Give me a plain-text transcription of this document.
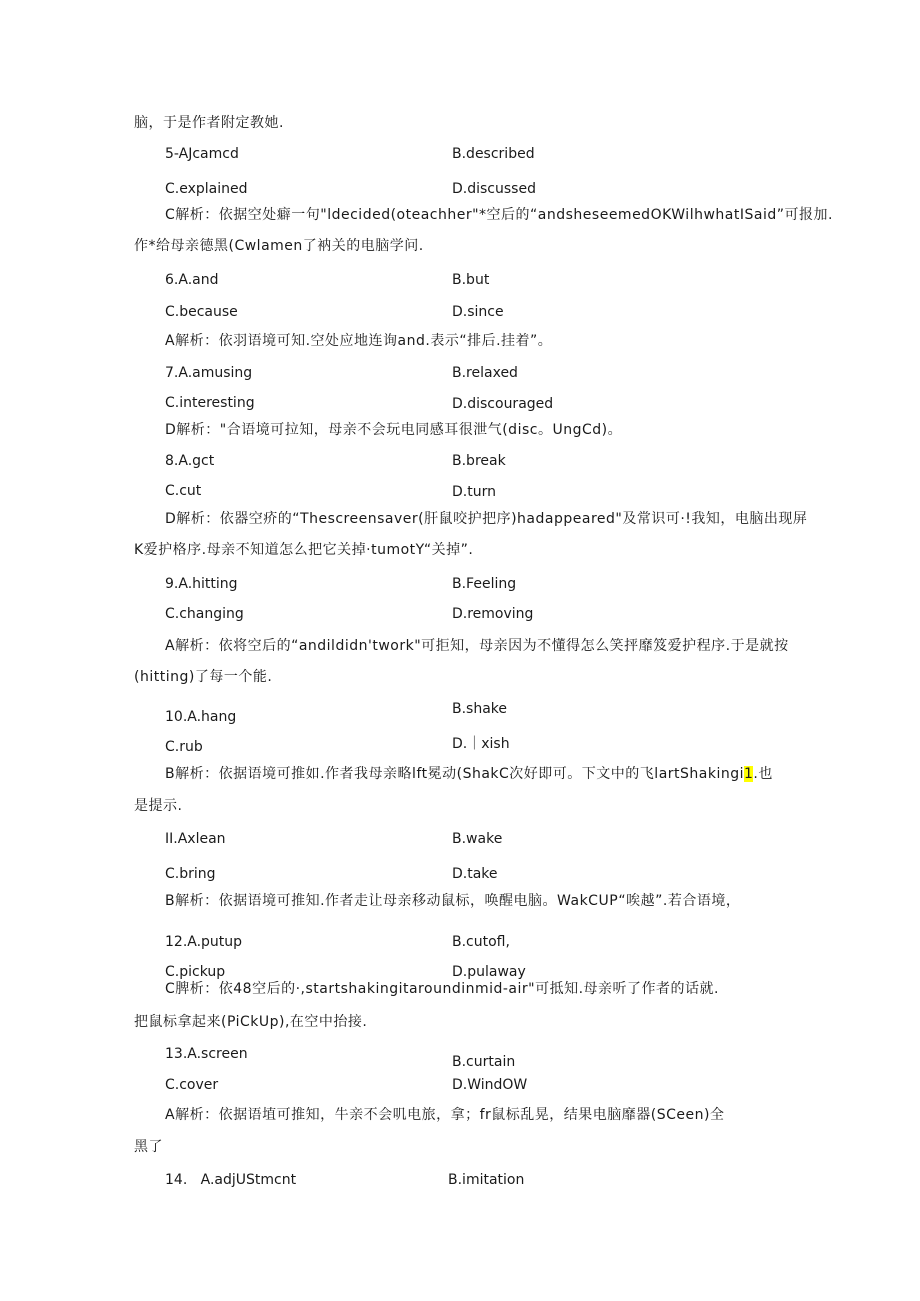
脑，于是作者附定教她.
5-AJcamcd	B.described
C.explained	D.discussed
C解析：依据空处癖一句"ldecided(oteachher"*空后的“andsheseemedOKWilhwhatISaid”可报加.
作*给母亲德黑(Cwlamen了衲关的电脑学问.
6.A.and	B.but
C.because	D.since
A解析：依羽语境可知.空处应地连询and.表示“排后.挂着”。
7.A.amusing	B.relaxed
C.interesting	D.discouraged
D解析："合语境可拉知，母亲不会玩电同感耳很泄气(disc。UngCd)。
8.A.gct	B.break
C.cut	D.turn
D解析：依器空疥的“Thescreensaver(肝鼠咬护把序)hadappeared"及常识可·!我知，电脑出现屏
K爱护格序.母亲不知道怎么把它关掉·tumotY“关掉”.
9.A.hitting	B.Feeling
C.changing	D.removing
A解析：依将空后的“andildidn'twork"可拒知，母亲因为不懂得怎么笑抨靡笈爱护程序.于是就按
(hitting)了每一个能.
10.A.hang	B.shake
C.rub	D.｜xish
B解析：依据语境可推如.作者我母亲略lft冕动(ShakC次好即可。下文中的飞lartShakingi1.也
是提示.
II.Axlean	B.wake
C.bring	D.take
B解析：依据语境可推知.作者走让母亲移动鼠标，唤醒电脑。WakCUP“唉越”.若合语境，
12.A.putup	B.cutofl,
C.pickup	D.pulaway
C脾析：依48空后的·,startshakingitaroundinmid-air"可抵知.母亲听了作者的话就.
把鼠标拿起来(PiCkUp),在空中抬接.
13.A.screen	B.curtain
C.cover	D.WindOW
A解析：依据语埴可推知，牛亲不会叽电旅，拿；fr鼠标乱晃，结果电脑靡器(SCeen)全
黑了
14.   A.adjUStmcnt	B.imitation
